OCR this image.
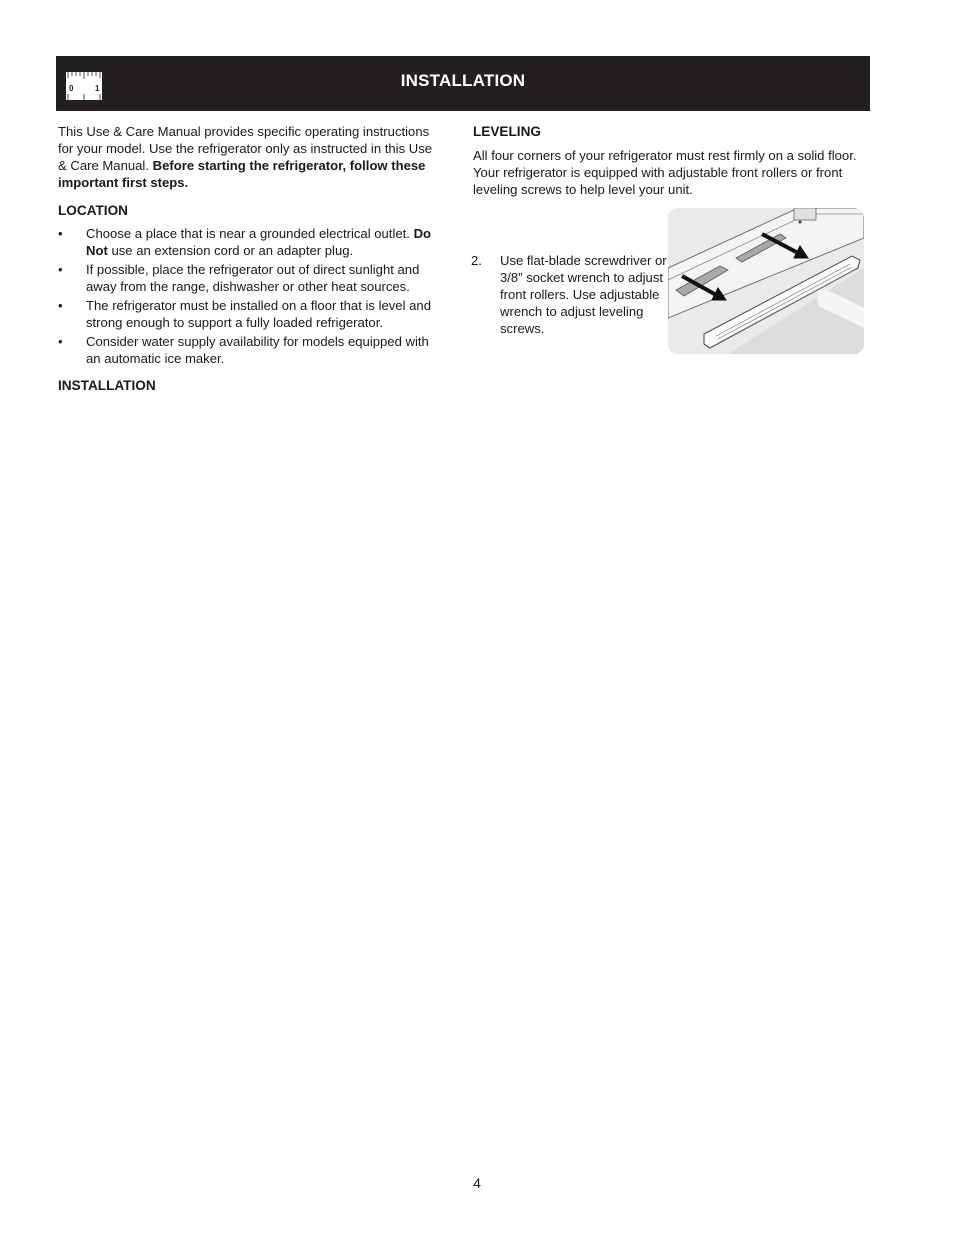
0	1	INSTALLATION

This Use & Care Manual provides specific operating instructions for your model. Use the refrigerator only as instructed in this Use & Care Manual. Before starting the refrigerator, follow these important first steps.

LOCATION
• Choose a place that is near a grounded electrical outlet. Do Not use an extension cord or an adapter plug.
• If possible, place the refrigerator out of direct sunlight and away from the range, dishwasher or other heat sources.
• The refrigerator must be installed on a floor that is level and strong enough to support a fully loaded refrigerator.
• Consider water supply availability for models equipped with an automatic ice maker.
INSTALLATION
LEVELING

All four corners of your refrigerator must rest firmly on a solid floor. Your refrigerator is equipped with adjustable front rollers or front leveling screws to help level your unit.

2. Use flat-blade screwdriver or 3/8” socket wrench to adjust front rollers. Use adjustable wrench to adjust leveling screws.
4
